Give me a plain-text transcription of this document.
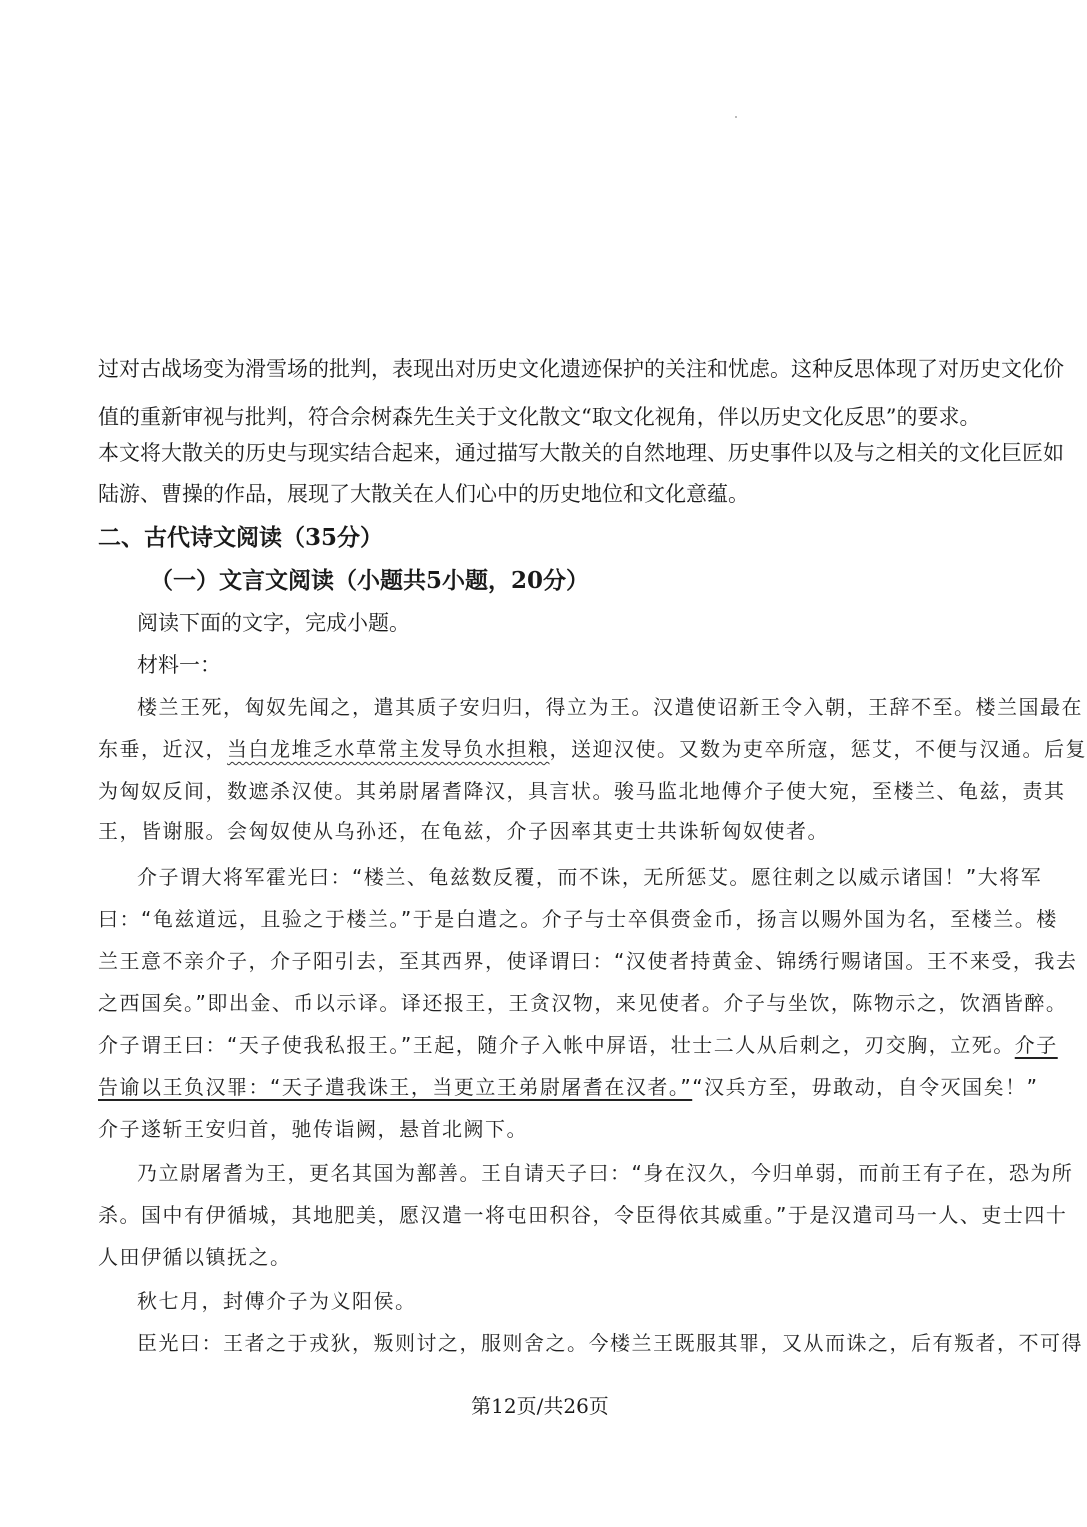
过对古战场变为滑雪场的批判，表现出对历史文化遗迹保护的关注和忧虑。这种反思体现了对历史文化价
值的重新审视与批判，符合佘树森先生关于文化散文“取文化视角，伴以历史文化反思”的要求。
本文将大散关的历史与现实结合起来，通过描写大散关的自然地理、历史事件以及与之相关的文化巨匠如
陆游、曹操的作品，展现了大散关在人们心中的历史地位和文化意蕴。
二、古代诗文阅读（35分）
（一）文言文阅读（小题共5小题，20分）
阅读下面的文字，完成小题。
材料一：
楼兰王死，匈奴先闻之，遣其质子安归归，得立为王。汉遣使诏新王令入朝，王辞不至。楼兰国最在
东垂，近汉，当白龙堆乏水草常主发导负水担粮，送迎汉使。又数为吏卒所寇，惩艾，不便与汉通。后复
为匈奴反间，数遮杀汉使。其弟尉屠耆降汉，具言状。骏马监北地傅介子使大宛，至楼兰、龟兹，责其
王，皆谢服。会匈奴使从乌孙还，在龟兹，介子因率其吏士共诛斩匈奴使者。
介子谓大将军霍光曰：“楼兰、龟兹数反覆，而不诛，无所惩艾。愿往刺之以威示诸国！”大将军
曰：“龟兹道远，且验之于楼兰。”于是白遣之。介子与士卒俱赍金币，扬言以赐外国为名，至楼兰。楼
兰王意不亲介子，介子阳引去，至其西界，使译谓曰：“汉使者持黄金、锦绣行赐诸国。王不来受，我去
之西国矣。”即出金、币以示译。译还报王，王贪汉物，来见使者。介子与坐饮，陈物示之，饮酒皆醉。
介子谓王曰：“天子使我私报王。”王起，随介子入帐中屏语，壮士二人从后刺之，刃交胸，立死。介子
告谕以王负汉罪：“天子遣我诛王，当更立王弟尉屠耆在汉者。”“汉兵方至，毋敢动，自令灭国矣！”
介子遂斩王安归首，驰传诣阙，悬首北阙下。
乃立尉屠耆为王，更名其国为鄯善。王自请天子曰：“身在汉久，今归单弱，而前王有子在，恐为所
杀。国中有伊循城，其地肥美，愿汉遣一将屯田积谷，令臣得依其威重。”于是汉遣司马一人、吏士四十
人田伊循以镇抚之。
秋七月，封傅介子为义阳侯。
臣光曰：王者之于戎狄，叛则讨之，服则舍之。今楼兰王既服其罪，又从而诛之，后有叛者，不可得
第12页/共26页
